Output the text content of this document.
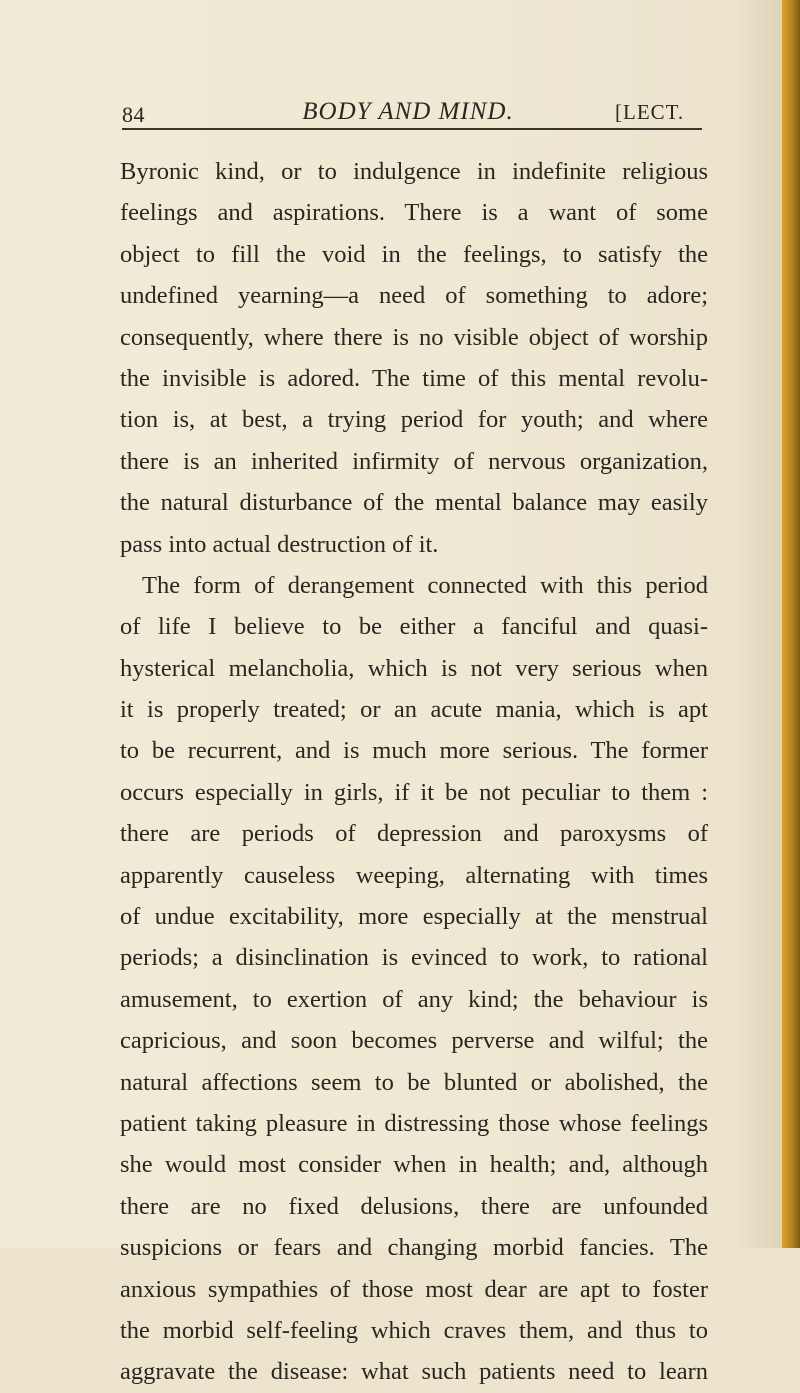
84	BODY AND MIND.	[LECT.
Byronic kind, or to indulgence in indefinite religious
feelings and aspirations. There is a want of some
object to fill the void in the feelings, to satisfy the
undefined yearning—a need of something to adore;
consequently, where there is no visible object of worship
the invisible is adored. The time of this mental revolu-
tion is, at best, a trying period for youth; and where
there is an inherited infirmity of nervous organization,
the natural disturbance of the mental balance may easily
pass into actual destruction of it.
The form of derangement connected with this period
of life I believe to be either a fanciful and quasi-
hysterical melancholia, which is not very serious when
it is properly treated; or an acute mania, which is apt
to be recurrent, and is much more serious. The former
occurs especially in girls, if it be not peculiar to them :
there are periods of depression and paroxysms of
apparently causeless weeping, alternating with times
of undue excitability, more especially at the menstrual
periods; a disinclination is evinced to work, to rational
amusement, to exertion of any kind; the behaviour is
capricious, and soon becomes perverse and wilful; the
natural affections seem to be blunted or abolished, the
patient taking pleasure in distressing those whose feelings
she would most consider when in health; and, although
there are no fixed delusions, there are unfounded
suspicions or fears and changing morbid fancies. The
anxious sympathies of those most dear are apt to foster
the morbid self-feeling which craves them, and thus to
aggravate the disease: what such patients need to learn
